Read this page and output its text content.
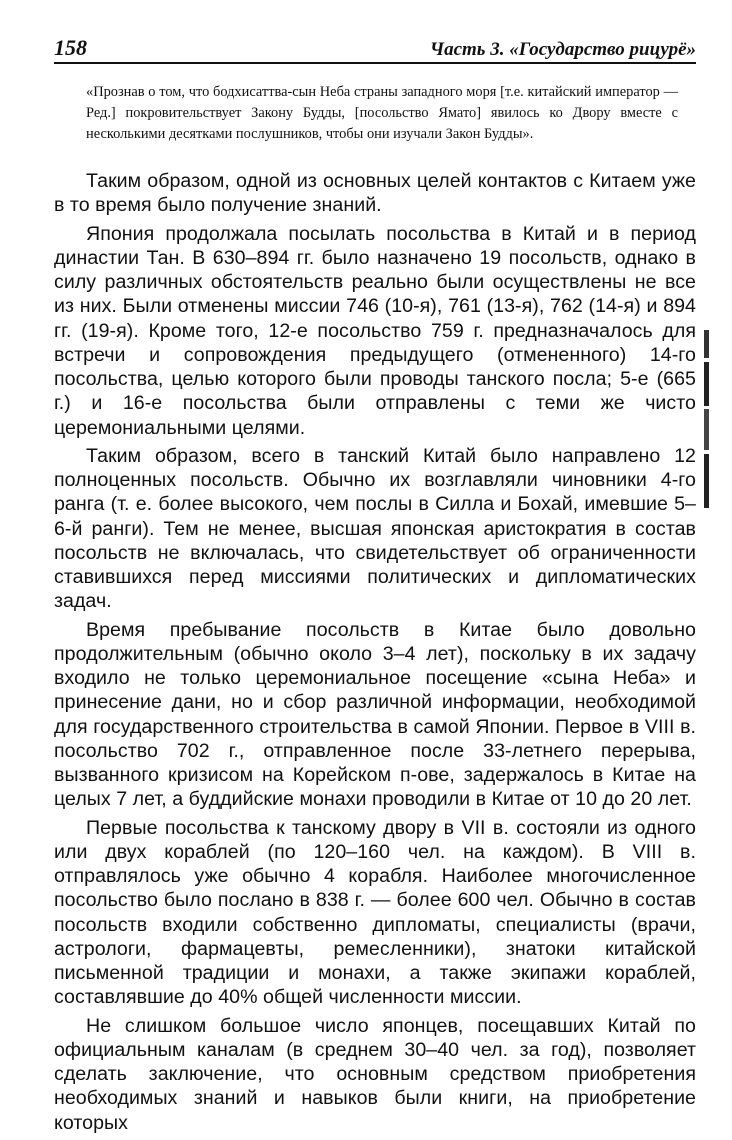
158	Часть 3. «Государство рицурё»

«Прознав о том, что бодхисаттва-сын Неба страны западного моря [т.е. китайский император — Ред.] покровительствует Закону Будды, [посольство Ямато] явилось ко Двору вместе с несколькими десятками послушников, чтобы они изучали Закон Будды».

Таким образом, одной из основных целей контактов с Китаем уже в то время было получение знаний.

Япония продолжала посылать посольства в Китай и в период династии Тан. В 630–894 гг. было назначено 19 посольств, однако в силу различных обстоятельств реально были осуществлены не все из них. Были отменены миссии 746 (10-я), 761 (13-я), 762 (14-я) и 894 гг. (19-я). Кроме того, 12-е посольство 759 г. предназначалось для встречи и сопровождения предыдущего (отмененного) 14-го посольства, целью которого были проводы танского посла; 5-е (665 г.) и 16-е посольства были отправлены с теми же чисто церемониальными целями.

Таким образом, всего в танский Китай было направлено 12 полноценных посольств. Обычно их возглавляли чиновники 4-го ранга (т. е. более высокого, чем послы в Силла и Бохай, имевшие 5–6-й ранги). Тем не менее, высшая японская аристократия в состав посольств не включалась, что свидетельствует об ограниченности ставившихся перед миссиями политических и дипломатических задач.

Время пребывание посольств в Китае было довольно продолжительным (обычно около 3–4 лет), поскольку в их задачу входило не только церемониальное посещение «сына Неба» и принесение дани, но и сбор различной информации, необходимой для государственного строительства в самой Японии. Первое в VIII в. посольство 702 г., отправленное после 33-летнего перерыва, вызванного кризисом на Корейском п-ове, задержалось в Китае на целых 7 лет, а буддийские монахи проводили в Китае от 10 до 20 лет.

Первые посольства к танскому двору в VII в. состояли из одного или двух кораблей (по 120–160 чел. на каждом). В VIII в. отправлялось уже обычно 4 корабля. Наиболее многочисленное посольство было послано в 838 г. — более 600 чел. Обычно в состав посольств входили собственно дипломаты, специалисты (врачи, астрологи, фармацевты, ремесленники), знатоки китайской письменной традиции и монахи, а также экипажи кораблей, составлявшие до 40% общей численности миссии.

Не слишком большое число японцев, посещавших Китай по официальным каналам (в среднем 30–40 чел. за год), позволяет сделать заключение, что основным средством приобретения необходимых знаний и навыков были книги, на приобретение которых
